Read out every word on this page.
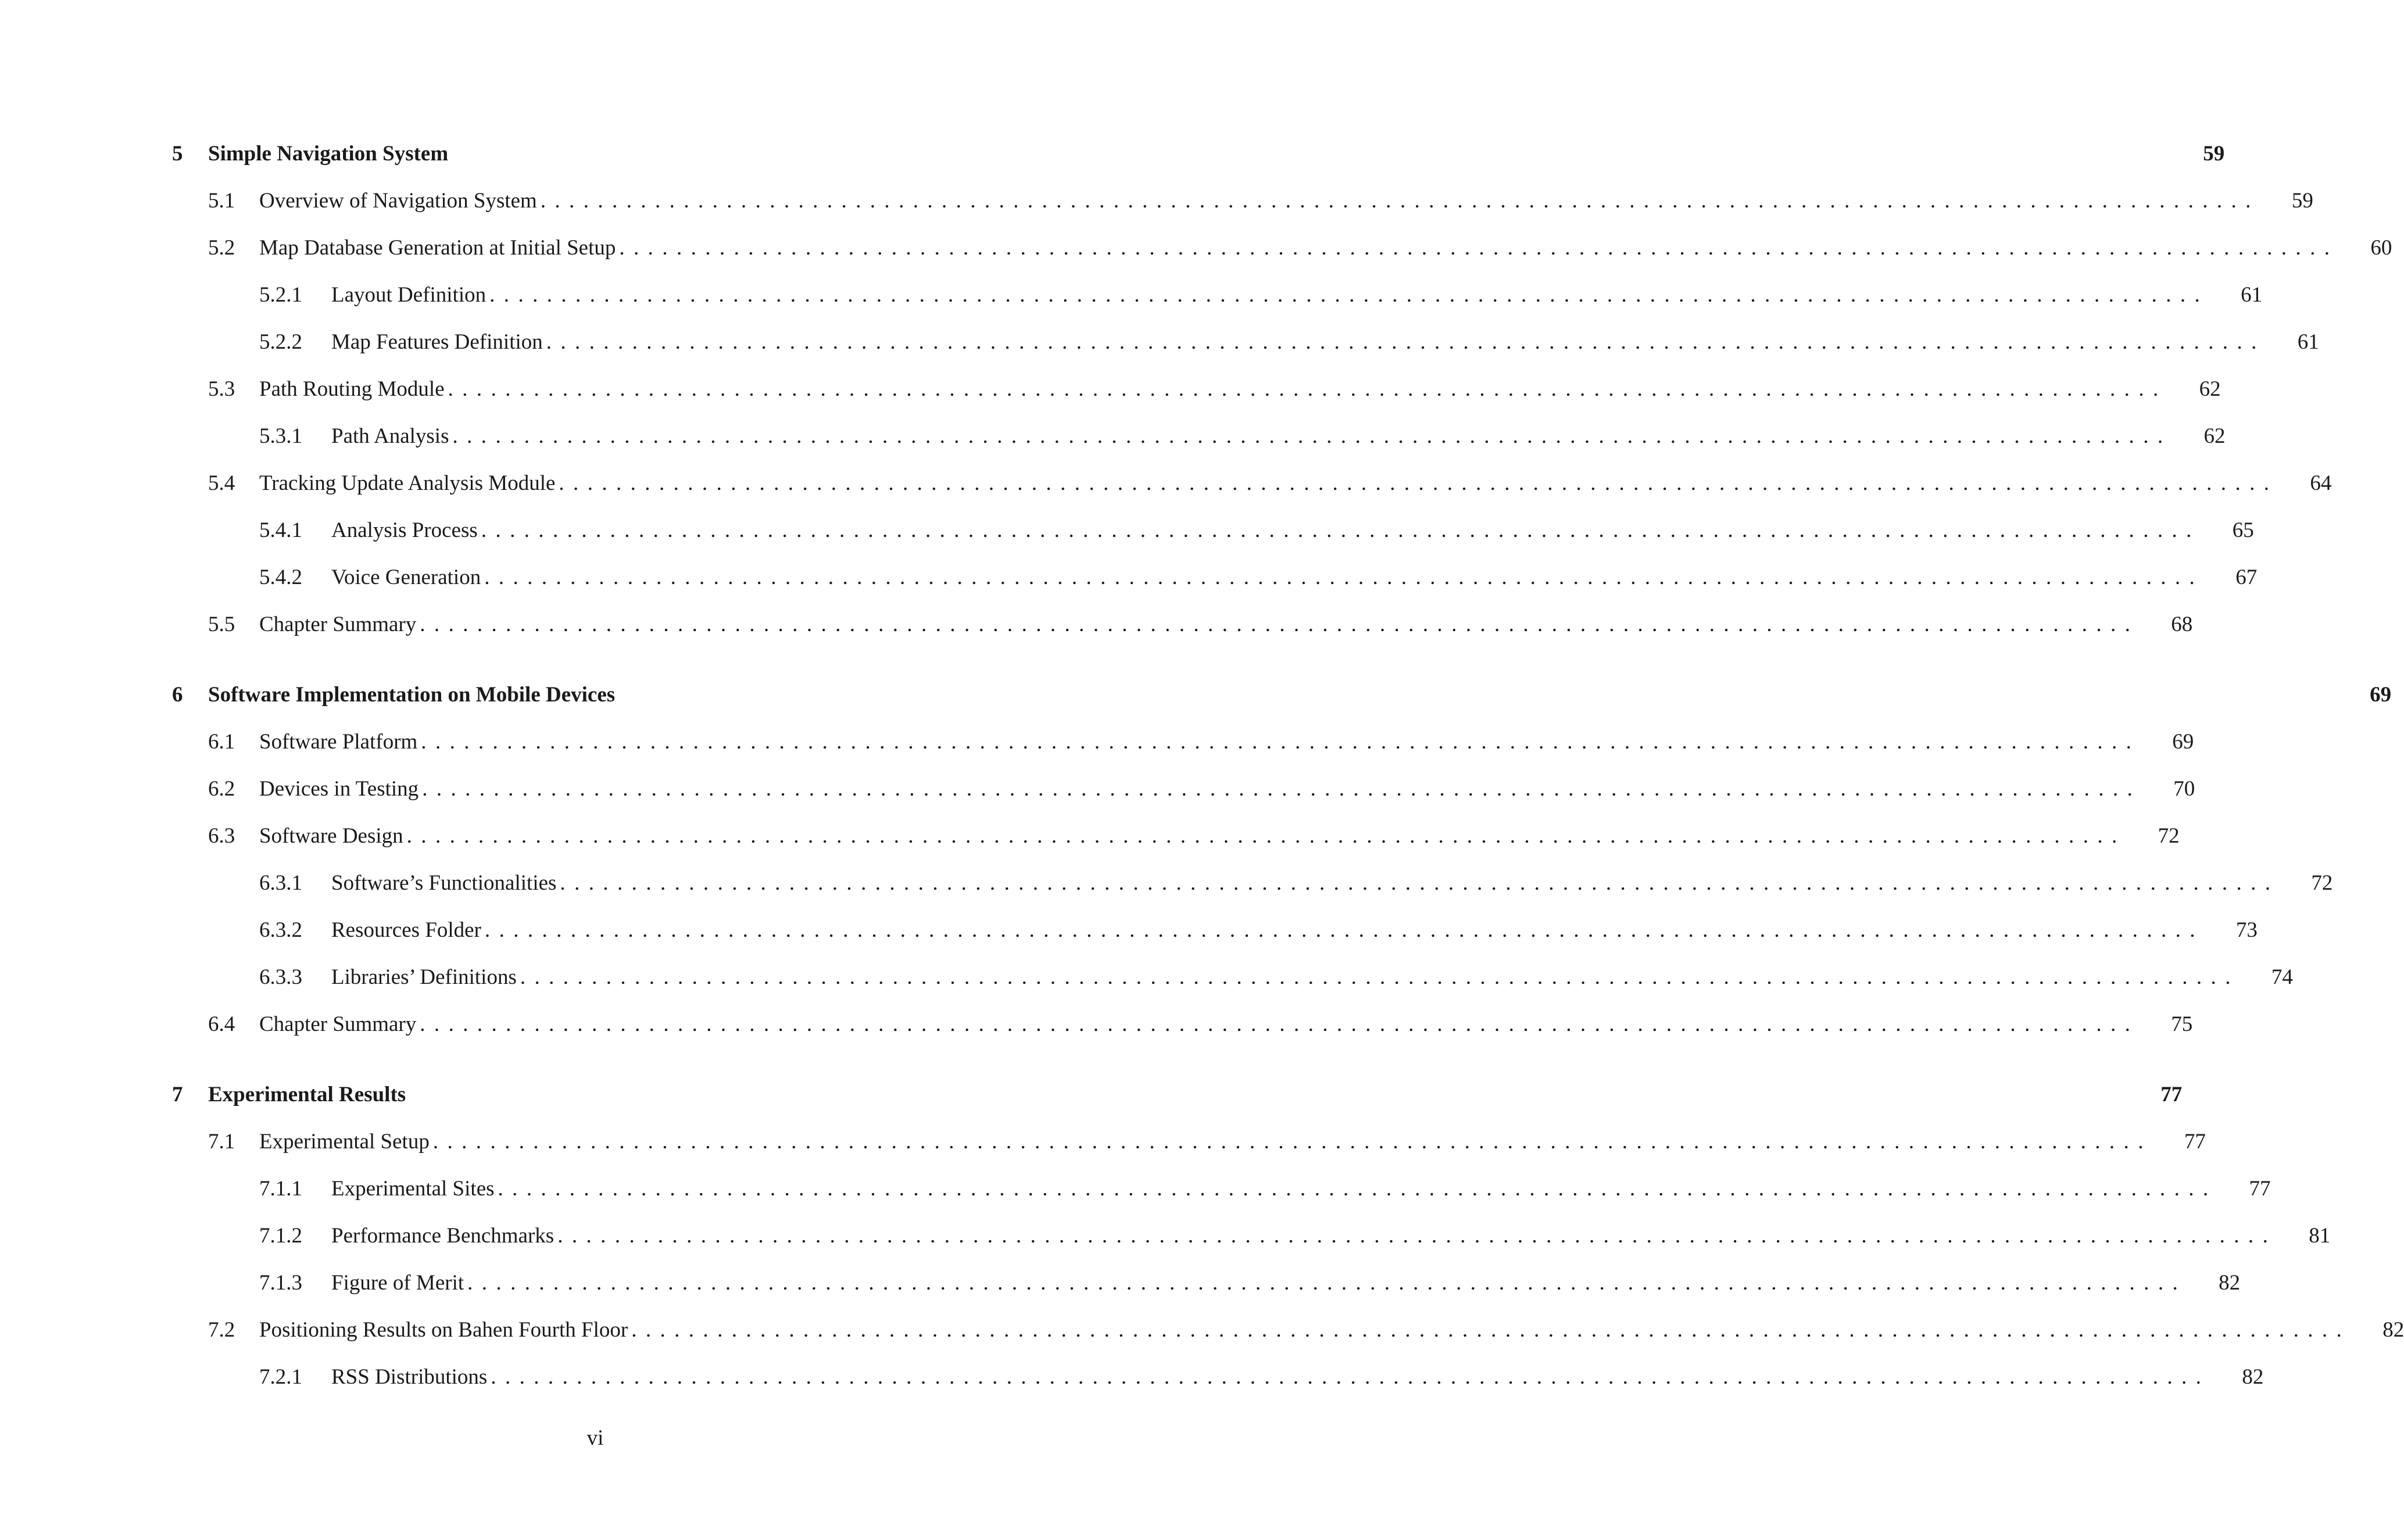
5	Simple Navigation System	59
5.1	Overview of Navigation System ........................................................................................................................	59
5.2	Map Database Generation at Initial Setup ........................................................................................................................	60
5.2.1	Layout Definition ........................................................................................................................	61
5.2.2	Map Features Definition ........................................................................................................................	61
5.3	Path Routing Module ........................................................................................................................	62
5.3.1	Path Analysis ........................................................................................................................	62
5.4	Tracking Update Analysis Module ........................................................................................................................	64
5.4.1	Analysis Process ........................................................................................................................	65
5.4.2	Voice Generation ........................................................................................................................	67
5.5	Chapter Summary ........................................................................................................................	68
6	Software Implementation on Mobile Devices	69
6.1	Software Platform ........................................................................................................................	69
6.2	Devices in Testing ........................................................................................................................	70
6.3	Software Design ........................................................................................................................	72
6.3.1	Software’s Functionalities ........................................................................................................................	72
6.3.2	Resources Folder ........................................................................................................................	73
6.3.3	Libraries’ Definitions ........................................................................................................................	74
6.4	Chapter Summary ........................................................................................................................	75
7	Experimental Results	77
7.1	Experimental Setup ........................................................................................................................	77
7.1.1	Experimental Sites ........................................................................................................................	77
7.1.2	Performance Benchmarks ........................................................................................................................	81
7.1.3	Figure of Merit ........................................................................................................................	82
7.2	Positioning Results on Bahen Fourth Floor ........................................................................................................................	82
7.2.1	RSS Distributions ........................................................................................................................	82
vi
